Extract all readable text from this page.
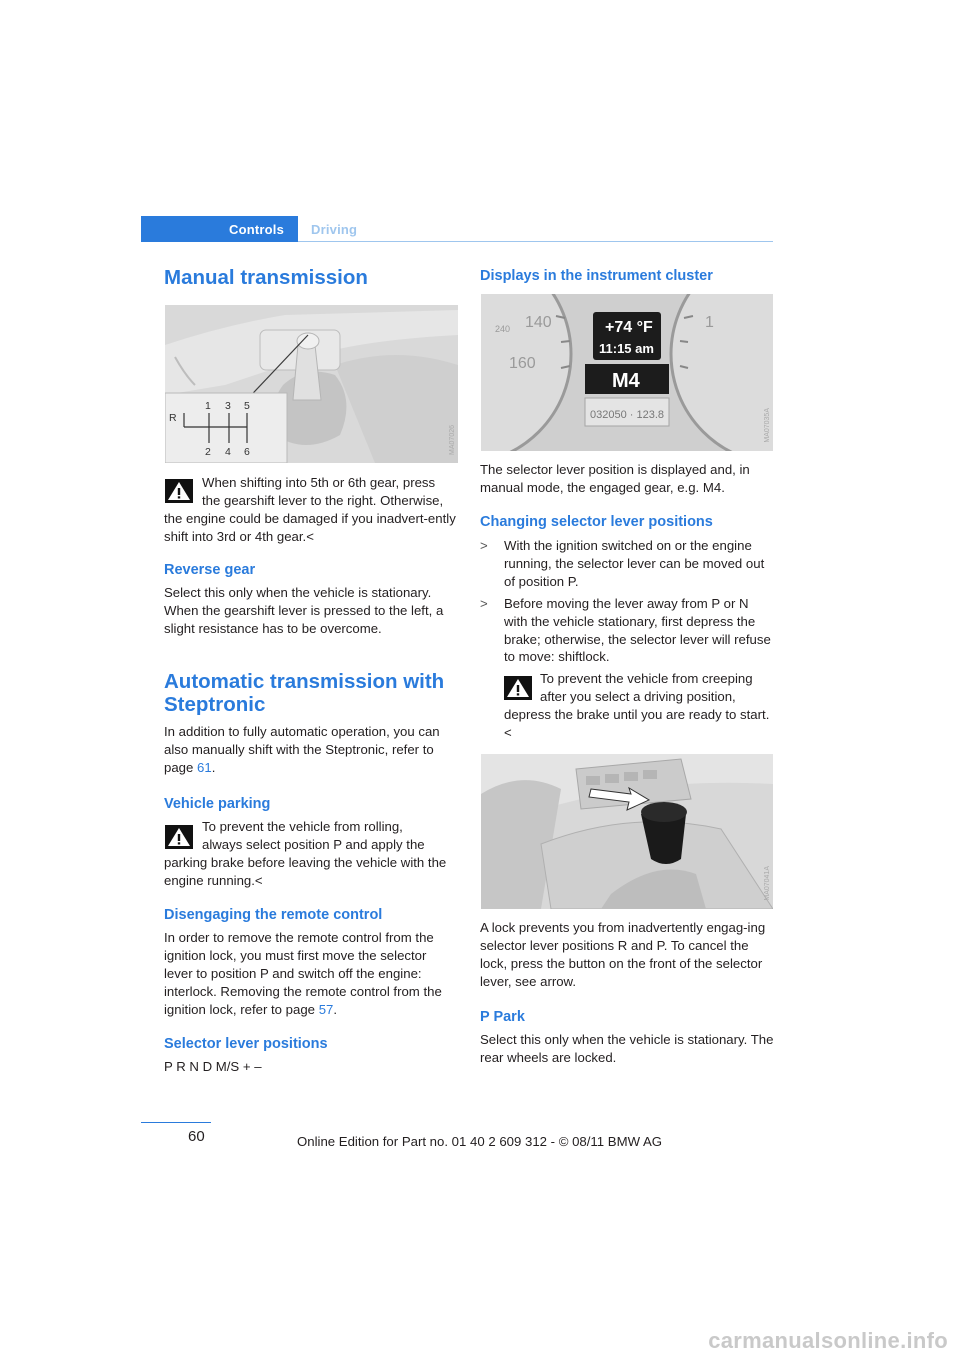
Controls Driving
Manual transmission
R
1 3 5
2 4 6	MA07026
When shifting into 5th or 6th gear, press
the gearshift lever to the right. Otherwise,
the engine could be damaged if you inadvert-ently shift into 3rd or 4th gear.<
Reverse gear

Select this only when the vehicle is stationary. When the gearshift lever is pressed to the left, a slight resistance has to be overcome.

Automatic transmission with Steptronic

In addition to fully automatic operation, you can also manually shift with the Steptronic, refer to page 61.

Vehicle parking
To prevent the vehicle from rolling,
always select position P and apply the
parking brake before leaving the vehicle with the engine running.<
Disengaging the remote control

In order to remove the remote control from the ignition lock, you must first move the selector lever to position P and switch off the engine: interlock. Removing the remote control from the ignition lock, refer to page 57.

Selector lever positions

P R N D M/S + –

Displays in the instrument cluster
140
240
160
1
+74 °F
11:15 am
M4
032050 · 123.8	MA07035A

The selector lever position is displayed and, in manual mode, the engaged gear, e.g. M4.

Changing selector lever positions
> With the ignition switched on or the engine running, the selector lever can be moved out of position P.
> Before moving the lever away from P or N with the vehicle stationary, first depress the brake; otherwise, the selector lever will refuse to move: shiftlock.
To prevent the vehicle from creeping
after you select a driving position,
depress the brake until you are ready to start.<
MA07041A

A lock prevents you from inadvertently engag-ing selector lever positions R and P. To cancel the lock, press the button on the front of the selector lever, see arrow.

P Park

Select this only when the vehicle is stationary. The rear wheels are locked.

60	Online Edition for Part no. 01 40 2 609 312 - © 08/11 BMW AG
carmanualsonline.info
